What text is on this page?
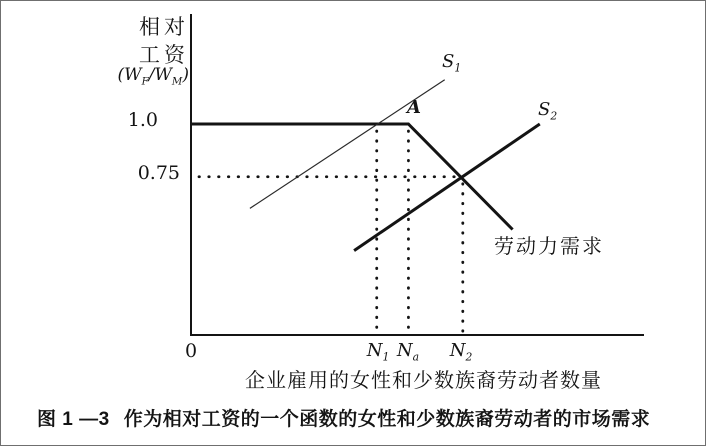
相对
工资
$(W_F/W_M)$
1.0
0.75
0	$N_1$ $N_a$	$N_2$
$S_1$
$S_2$
A
劳动力需求
企业雇用的女性和少数族裔劳动者数量
图 1 —3 作为相对工资的一个函数的女性和少数族裔劳动者的市场需求
